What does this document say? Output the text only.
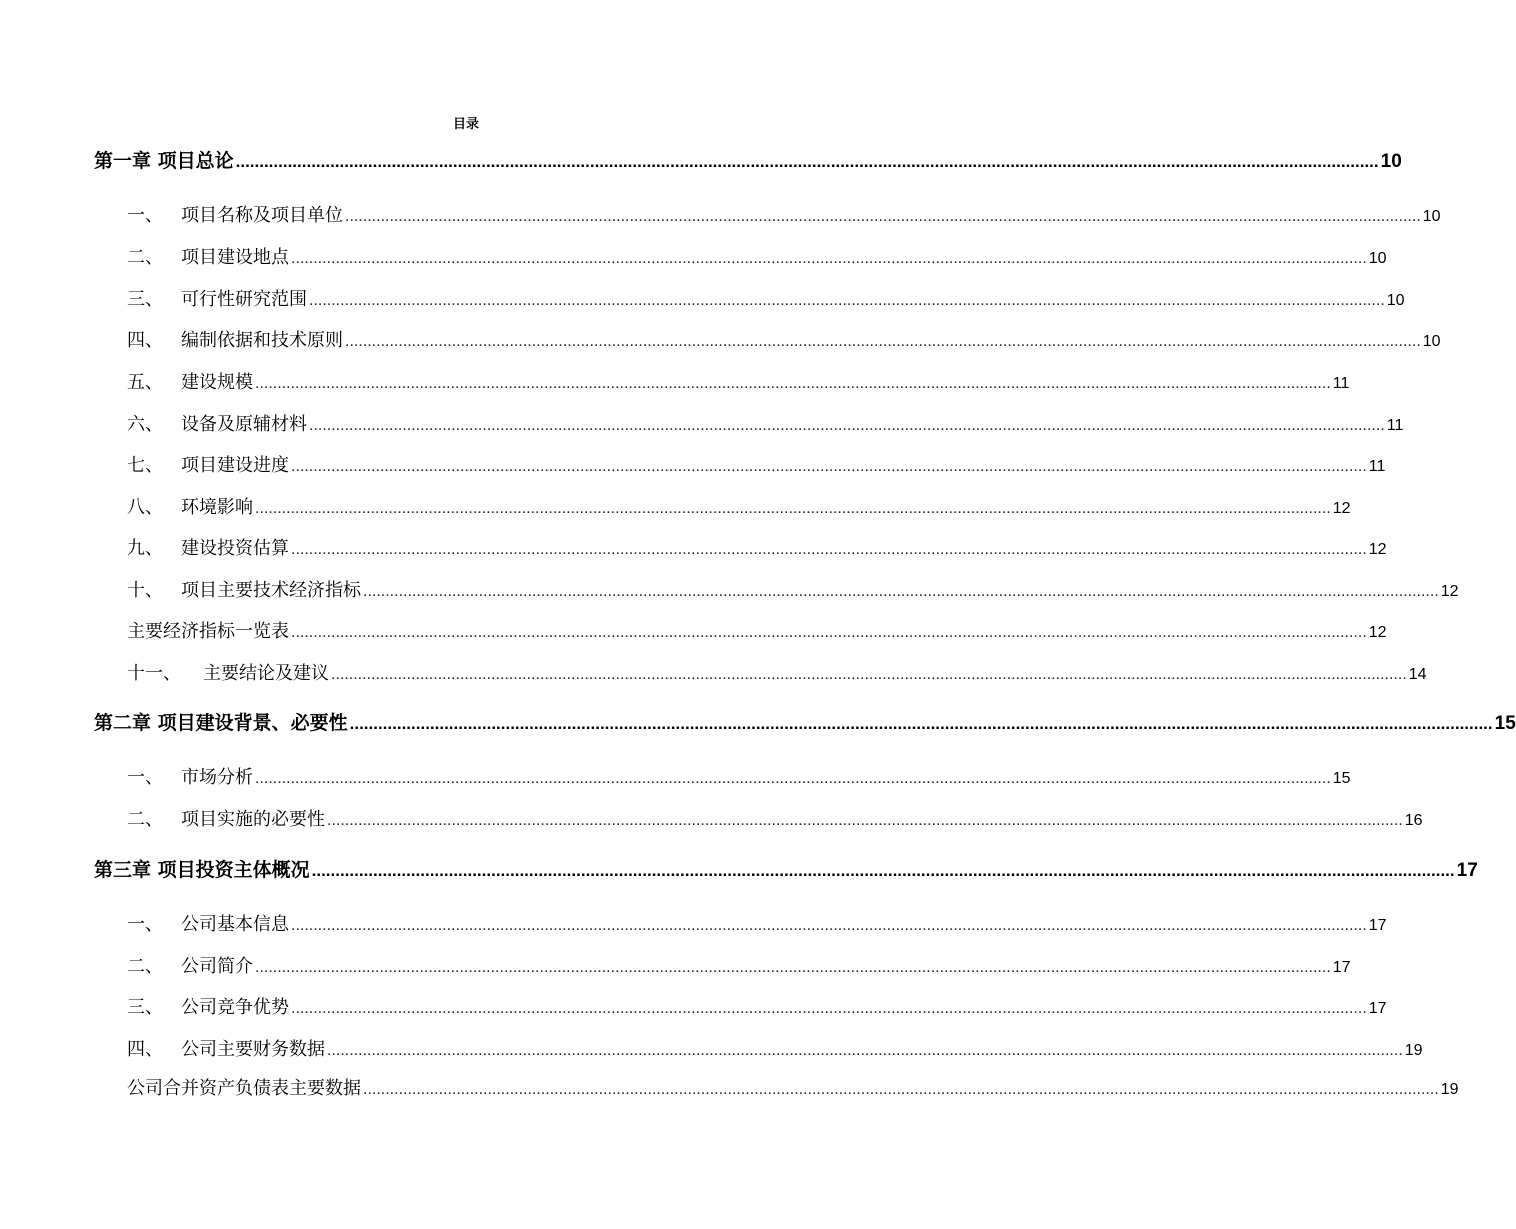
目录
第一章 项目总论 .................................................................................................................................................................................................................................................. 10
一、 项目名称及项目单位 .................................................................................................................................................................................................................................................. 10
二、 项目建设地点 .................................................................................................................................................................................................................................................. 10
三、 可行性研究范围 .................................................................................................................................................................................................................................................. 10
四、 编制依据和技术原则 .................................................................................................................................................................................................................................................. 10
五、 建设规模 .................................................................................................................................................................................................................................................. 11
六、 设备及原辅材料 .................................................................................................................................................................................................................................................. 11
七、 项目建设进度 .................................................................................................................................................................................................................................................. 11
八、 环境影响 .................................................................................................................................................................................................................................................. 12
九、 建设投资估算 .................................................................................................................................................................................................................................................. 12
十、 项目主要技术经济指标 .................................................................................................................................................................................................................................................. 12
主要经济指标一览表 .................................................................................................................................................................................................................................................. 12
十一、 主要结论及建议 .................................................................................................................................................................................................................................................. 14
第二章 项目建设背景、必要性 .................................................................................................................................................................................................................................................. 15
一、 市场分析 .................................................................................................................................................................................................................................................. 15
二、 项目实施的必要性 .................................................................................................................................................................................................................................................. 16
第三章 项目投资主体概况 .................................................................................................................................................................................................................................................. 17
一、 公司基本信息 .................................................................................................................................................................................................................................................. 17
二、 公司简介 .................................................................................................................................................................................................................................................. 17
三、 公司竞争优势 .................................................................................................................................................................................................................................................. 17
四、 公司主要财务数据 .................................................................................................................................................................................................................................................. 19
公司合并资产负债表主要数据 .................................................................................................................................................................................................................................................. 19
